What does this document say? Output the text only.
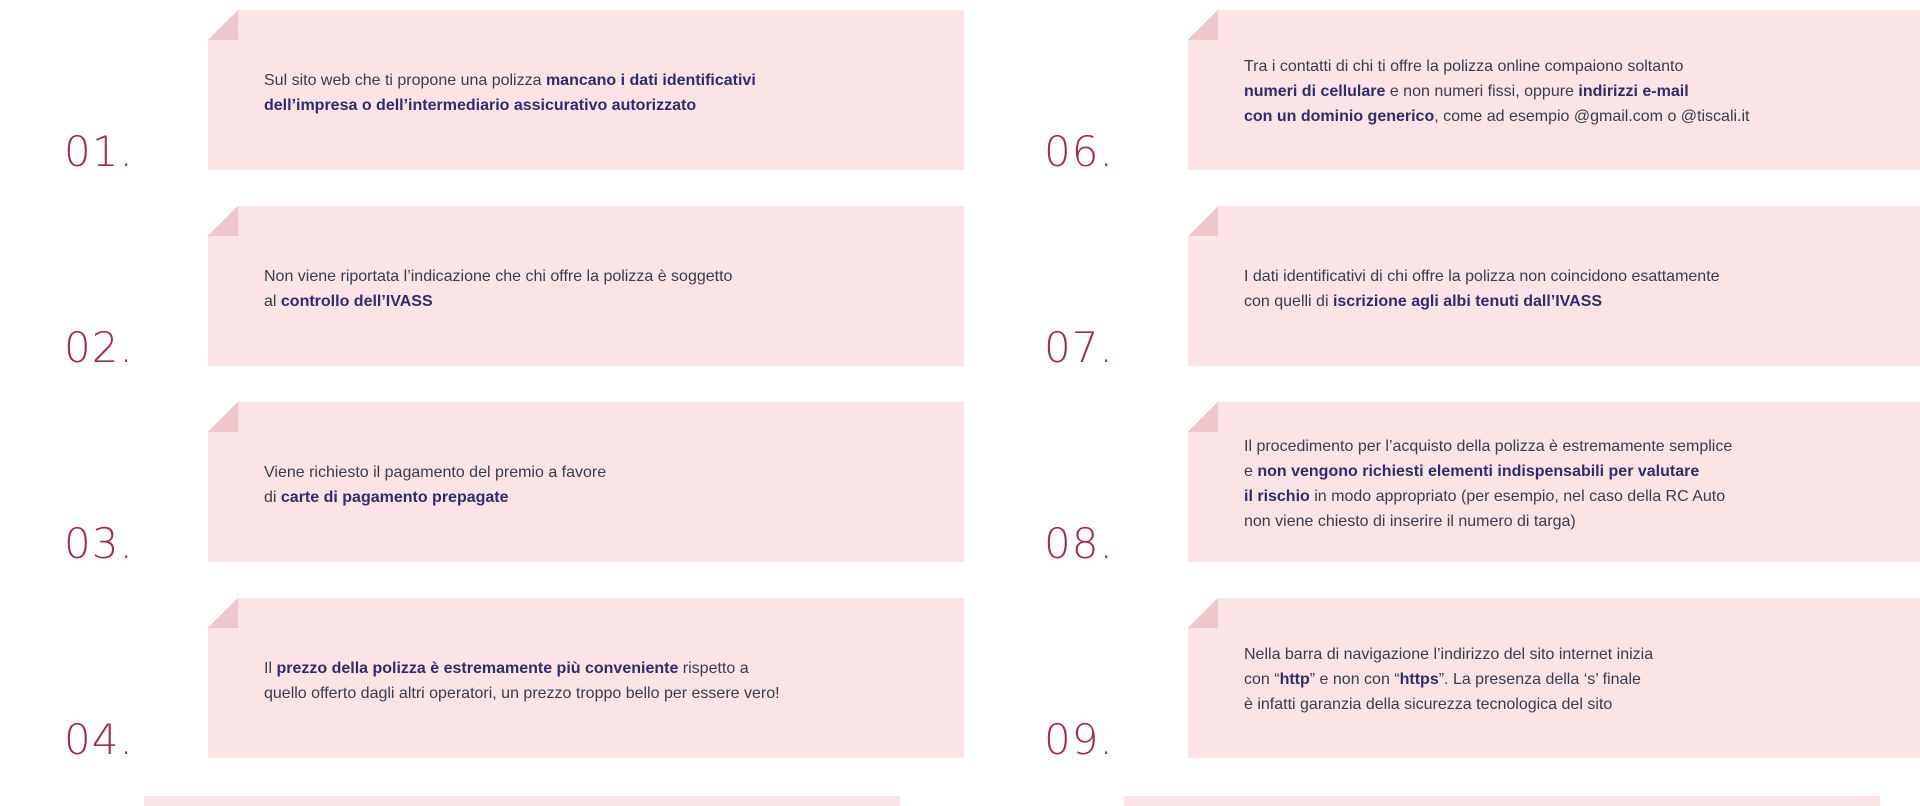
01.
Sul sito web che ti propone una polizza mancano i dati identificativi
dell’impresa o dell’intermediario assicurativo autorizzato
02.
Non viene riportata l’indicazione che chi offre la polizza è soggetto
al controllo dell’IVASS
03.
Viene richiesto il pagamento del premio a favore
di carte di pagamento prepagate
04.
Il prezzo della polizza è estremamente più conveniente rispetto a
quello offerto dagli altri operatori, un prezzo troppo bello per essere vero!
06.
Tra i contatti di chi ti offre la polizza online compaiono soltanto
numeri di cellulare e non numeri fissi, oppure indirizzi e-mail
con un dominio generico, come ad esempio @gmail.com o @tiscali.it
07.
I dati identificativi di chi offre la polizza non coincidono esattamente
con quelli di iscrizione agli albi tenuti dall’IVASS
08.
Il procedimento per l’acquisto della polizza è estremamente semplice
e non vengono richiesti elementi indispensabili per valutare
il rischio in modo appropriato (per esempio, nel caso della RC Auto
non viene chiesto di inserire il numero di targa)
09.
Nella barra di navigazione l’indirizzo del sito internet inizia
con “http” e non con “https”. La presenza della ‘s’ finale
è infatti garanzia della sicurezza tecnologica del sito
